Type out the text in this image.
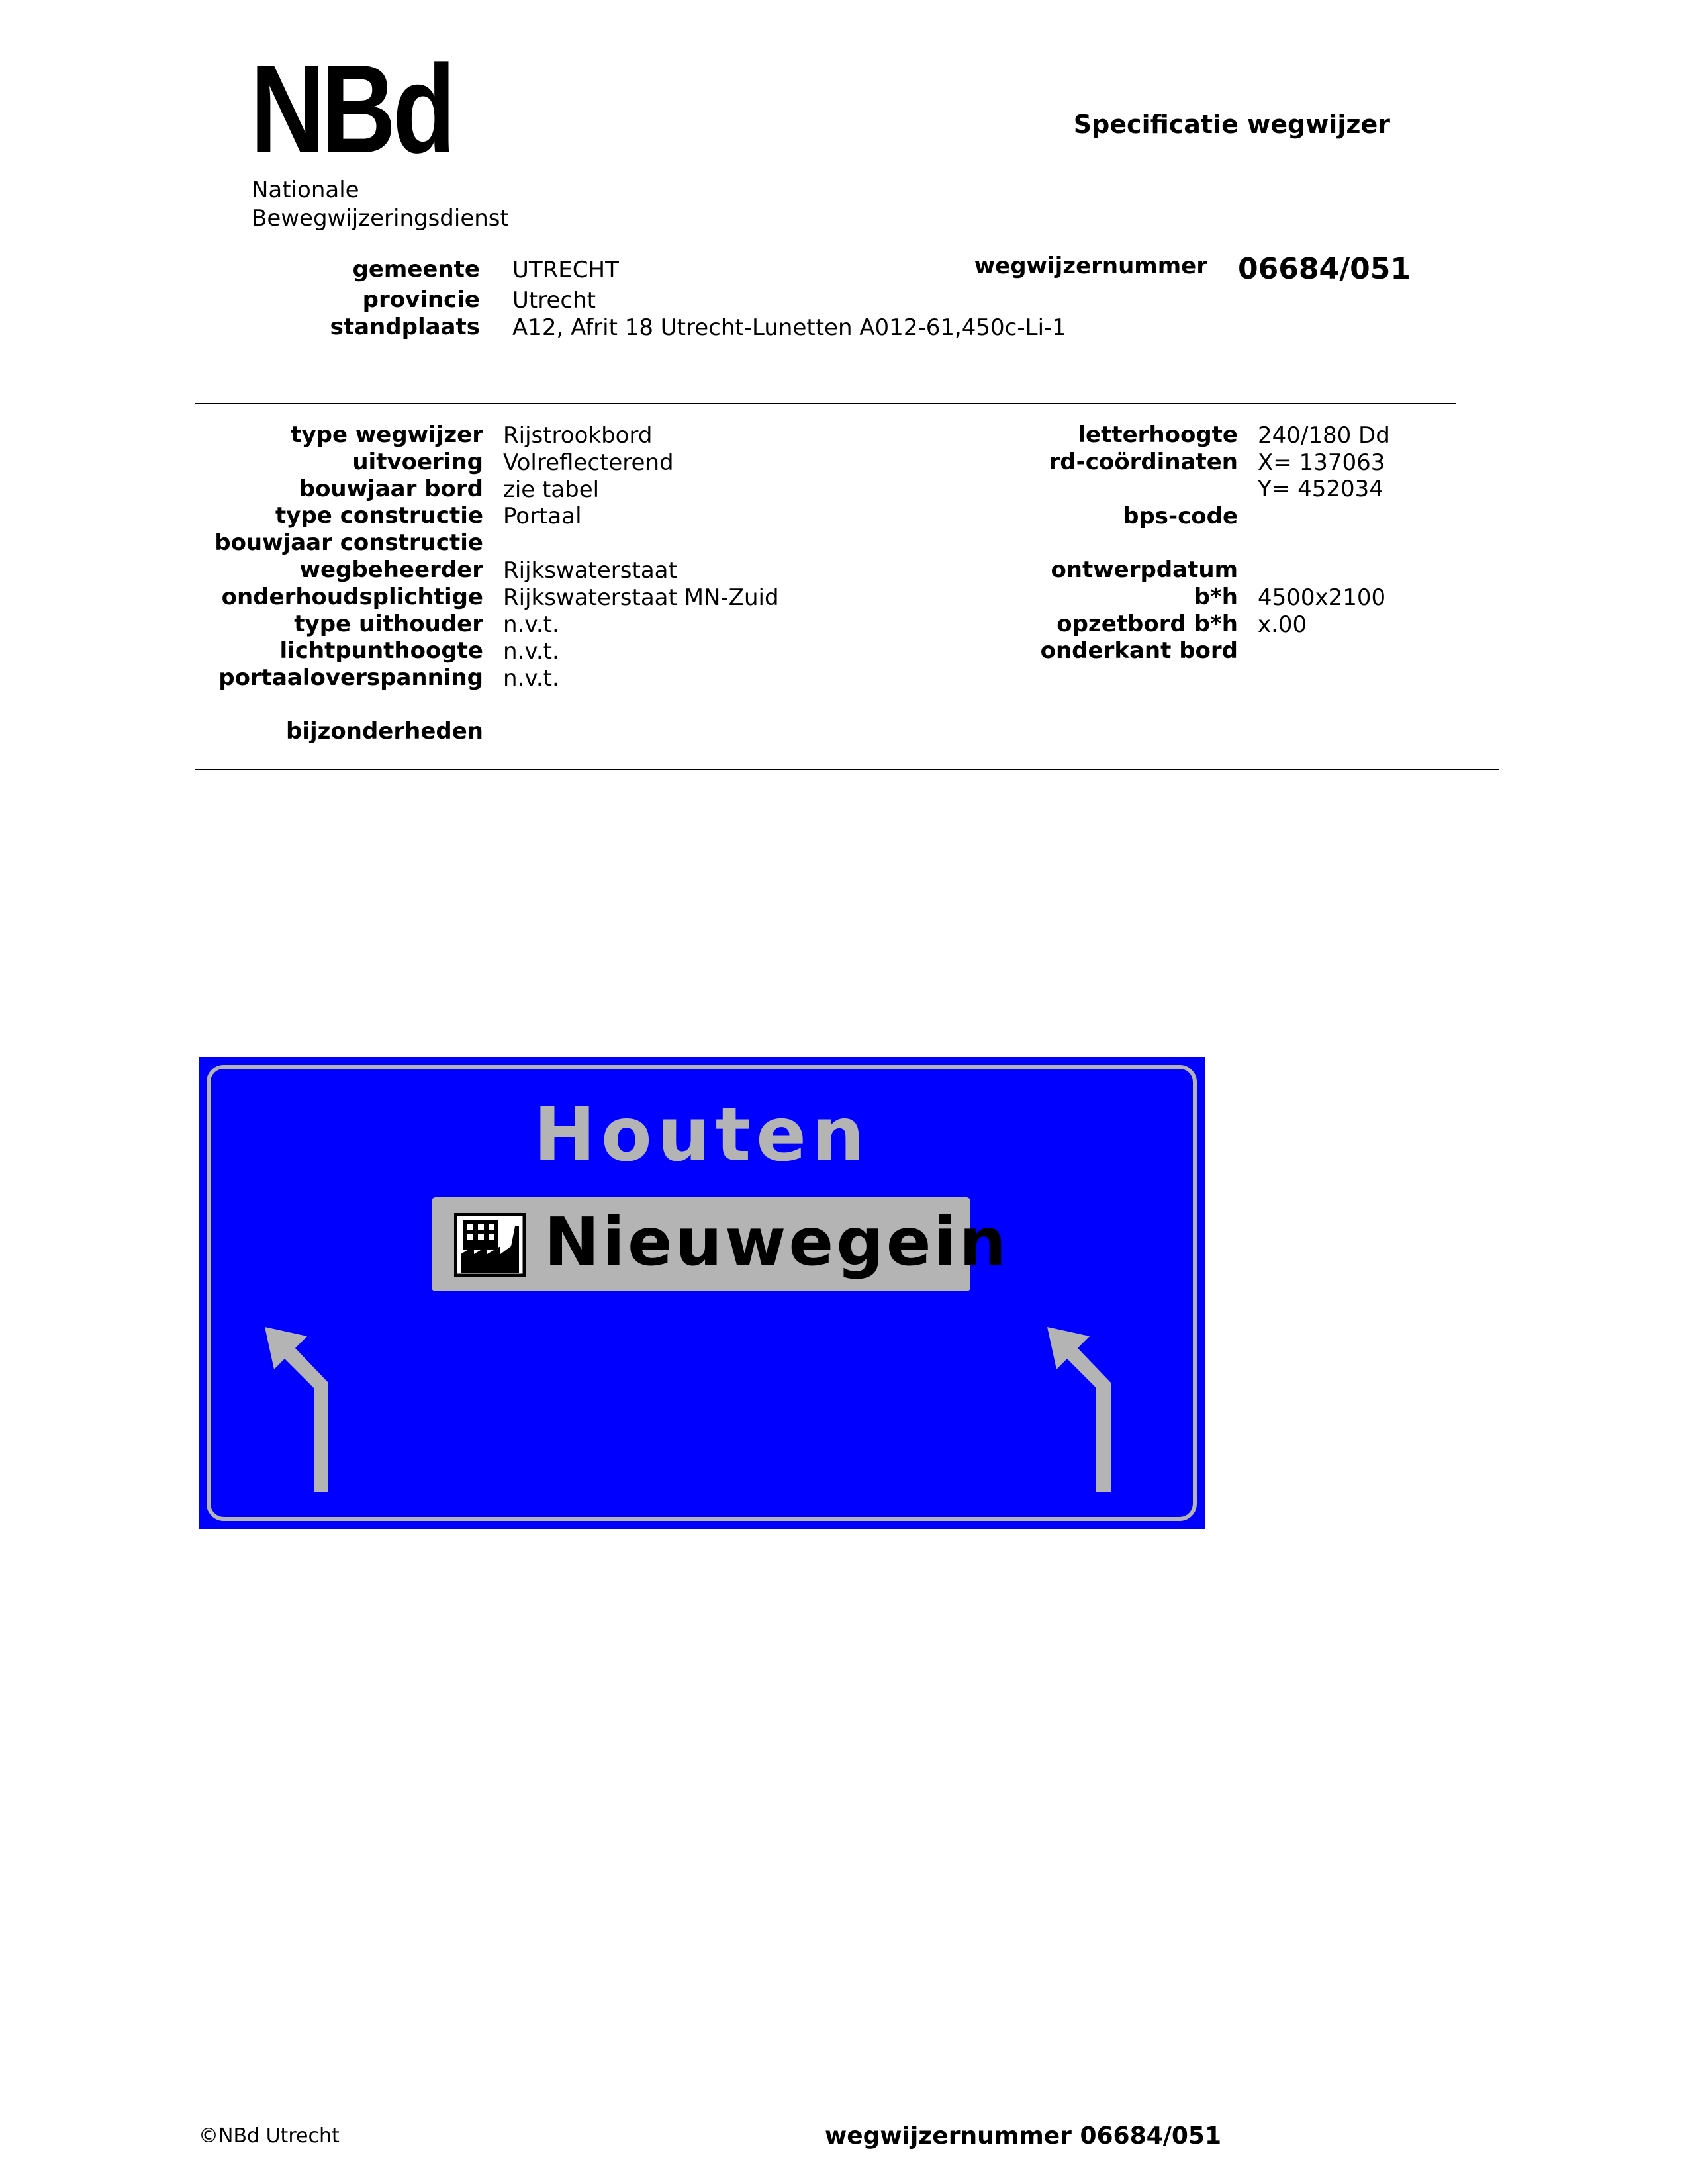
NBd
Nationale
Bewegwijzeringsdienst
Specificatie wegwijzer
gemeente UTRECHT
provincie Utrecht
standplaats A12, Afrit 18 Utrecht-Lunetten A012-61,450c-Li-1
wegwijzernummer 06684/051
type wegwijzer Rijstrookbord
uitvoering Volreflecterend
bouwjaar bord zie tabel
type constructie Portaal
bouwjaar constructie
wegbeheerder Rijkswaterstaat
onderhoudsplichtige Rijkswaterstaat MN-Zuid
type uithouder n.v.t.
lichtpunthoogte n.v.t.
portaaloverspanning n.v.t.
bijzonderheden
letterhoogte 240/180 Dd
rd-coördinaten X= 137063
Y= 452034
bps-code
ontwerpdatum
b*h 4500x2100
opzetbord b*h x.00
onderkant bord
Houten
Nieuwegein
©NBd Utrecht	wegwijzernummer 06684/051
